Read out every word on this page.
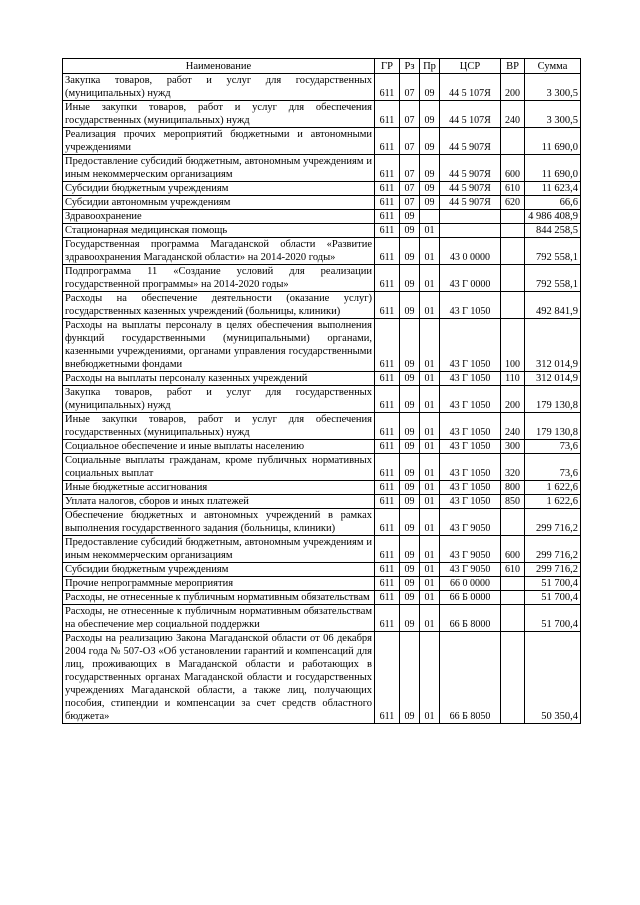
Наименование	ГР	Рз	Пр	ЦСР	ВР	Сумма
Закупка товаров, работ и услуг для государственных (муниципальных) нужд	611	07	09	44 5 107Я	200	3 300,5
Иные закупки товаров, работ и услуг для обеспечения государственных (муниципальных) нужд	611	07	09	44 5 107Я	240	3 300,5
Реализация прочих мероприятий бюджетными и автономными учреждениями	611	07	09	44 5 907Я		11 690,0
Предоставление субсидий бюджетным, автономным учреждениям и иным некоммерческим организациям	611	07	09	44 5 907Я	600	11 690,0
Субсидии бюджетным учреждениям	611	07	09	44 5 907Я	610	11 623,4
Субсидии автономным учреждениям	611	07	09	44 5 907Я	620	66,6
Здравоохранение	611	09				4 986 408,9
Стационарная медицинская помощь	611	09	01			844 258,5
Государственная программа Магаданской области «Развитие здравоохранения Магаданской области» на 2014-2020 годы»	611	09	01	43 0 0000		792 558,1
Подпрограмма 11 «Создание условий для реализации государственной программы» на 2014-2020 годы»	611	09	01	43 Г 0000		792 558,1
Расходы на обеспечение деятельности (оказание услуг) государственных казенных учреждений (больницы, клиники)	611	09	01	43 Г 1050		492 841,9
Расходы на выплаты персоналу в целях обеспечения выполнения функций государственными (муниципальными) органами, казенными учреждениями, органами управления государственными внебюджетными фондами	611	09	01	43 Г 1050	100	312 014,9
Расходы на выплаты персоналу казенных учреждений	611	09	01	43 Г 1050	110	312 014,9
Закупка товаров, работ и услуг для государственных (муниципальных) нужд	611	09	01	43 Г 1050	200	179 130,8
Иные закупки товаров, работ и услуг для обеспечения государственных (муниципальных) нужд	611	09	01	43 Г 1050	240	179 130,8
Социальное обеспечение и иные выплаты населению	611	09	01	43 Г 1050	300	73,6
Социальные выплаты гражданам, кроме публичных нормативных социальных выплат	611	09	01	43 Г 1050	320	73,6
Иные бюджетные ассигнования	611	09	01	43 Г 1050	800	1 622,6
Уплата налогов, сборов и иных платежей	611	09	01	43 Г 1050	850	1 622,6
Обеспечение бюджетных и автономных учреждений в рамках выполнения государственного задания (больницы, клиники)	611	09	01	43 Г 9050		299 716,2
Предоставление субсидий бюджетным, автономным учреждениям и иным некоммерческим организациям	611	09	01	43 Г 9050	600	299 716,2
Субсидии бюджетным учреждениям	611	09	01	43 Г 9050	610	299 716,2
Прочие непрограммные мероприятия	611	09	01	66 0 0000		51 700,4
Расходы, не отнесенные к публичным нормативным обязательствам	611	09	01	66 Б 0000		51 700,4
Расходы, не отнесенные к публичным нормативным обязательствам на обеспечение мер социальной поддержки	611	09	01	66 Б 8000		51 700,4
Расходы на реализацию Закона Магаданской области от 06 декабря 2004 года № 507-ОЗ «Об установлении гарантий и компенсаций для лиц, проживающих в Магаданской области и работающих в государственных органах Магаданской области и государственных учреждениях Магаданской области, а также лиц, получающих пособия, стипендии и компенсации за счет средств областного бюджета»	611	09	01	66 Б 8050		50 350,4
